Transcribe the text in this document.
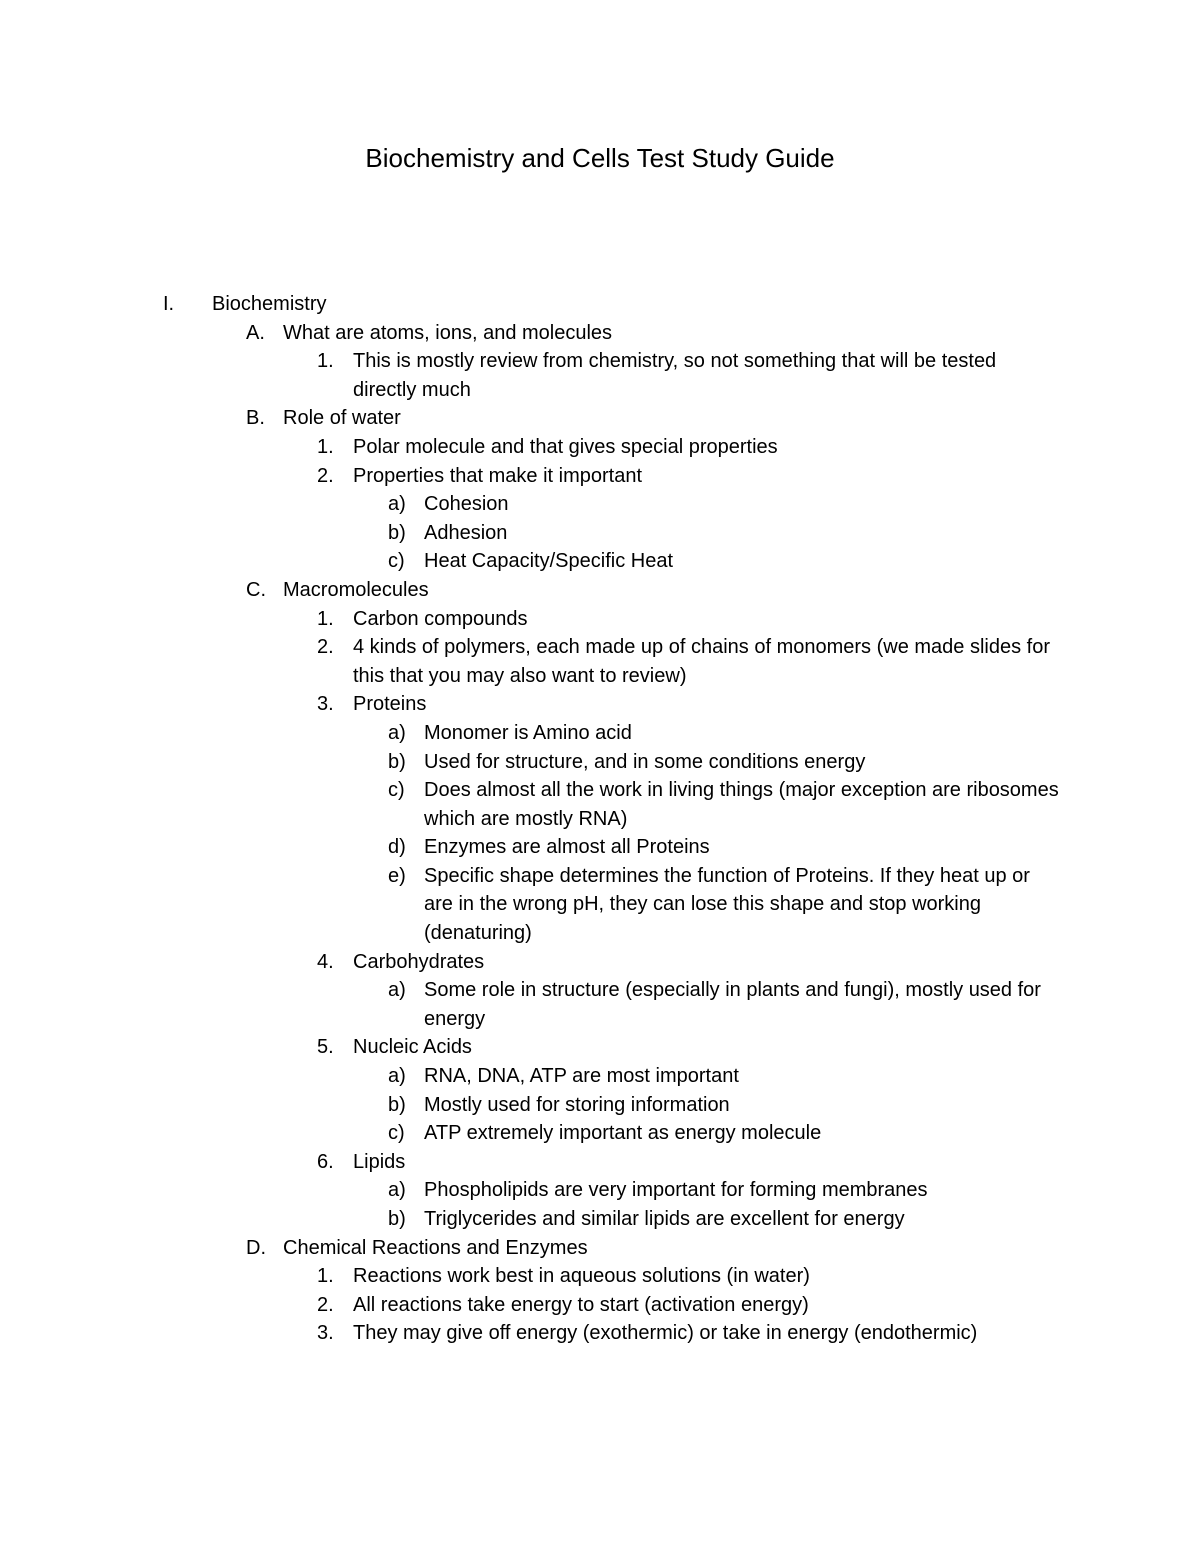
Biochemistry and Cells Test Study Guide
I. Biochemistry
A. What are atoms, ions, and molecules
1. This is mostly review from chemistry, so not something that will be tested directly much
B. Role of water
1. Polar molecule and that gives special properties
2. Properties that make it important
a) Cohesion
b) Adhesion
c) Heat Capacity/Specific Heat
C. Macromolecules
1. Carbon compounds
2. 4 kinds of polymers, each made up of chains of monomers (we made slides for this that you may also want to review)
3. Proteins
a) Monomer is Amino acid
b) Used for structure, and in some conditions energy
c) Does almost all the work in living things (major exception are ribosomes which are mostly RNA)
d) Enzymes are almost all Proteins
e) Specific shape determines the function of Proteins. If they heat up or are in the wrong pH, they can lose this shape and stop working (denaturing)
4. Carbohydrates
a) Some role in structure (especially in plants and fungi), mostly used for energy
5. Nucleic Acids
a) RNA, DNA, ATP are most important
b) Mostly used for storing information
c) ATP extremely important as energy molecule
6. Lipids
a) Phospholipids are very important for forming membranes
b) Triglycerides and similar lipids are excellent for energy
D. Chemical Reactions and Enzymes
1. Reactions work best in aqueous solutions (in water)
2. All reactions take energy to start (activation energy)
3. They may give off energy (exothermic) or take in energy (endothermic)
